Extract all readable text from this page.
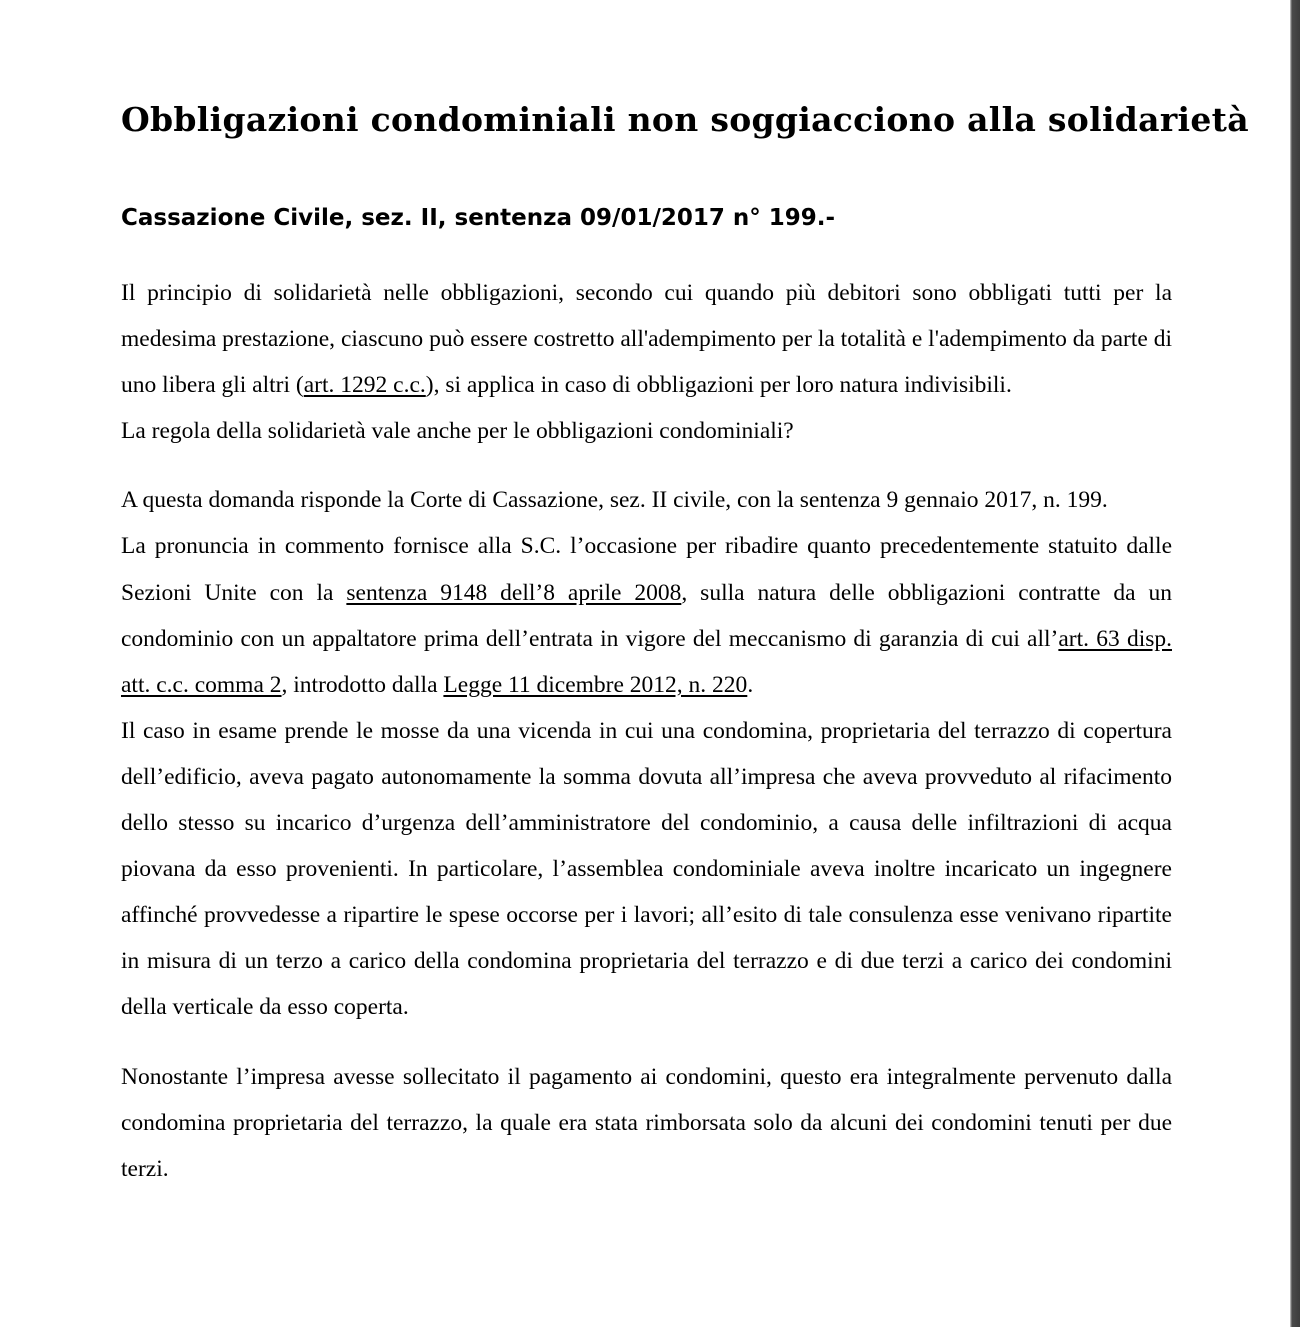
Obbligazioni condominiali non soggiacciono alla solidarietà
Cassazione Civile, sez. II, sentenza 09/01/2017 n° 199.-

Il principio di solidarietà nelle obbligazioni, secondo cui quando più debitori sono obbligati tutti per la medesima prestazione, ciascuno può essere costretto all'adempimento per la totalità e l'adempimento da parte di uno libera gli altri (art. 1292 c.c.), si applica in caso di obbligazioni per loro natura indivisibili.

La regola della solidarietà vale anche per le obbligazioni condominiali?

A questa domanda risponde la Corte di Cassazione, sez. II civile, con la sentenza 9 gennaio 2017, n. 199.

La pronuncia in commento fornisce alla S.C. l’occasione per ribadire quanto precedentemente statuito dalle Sezioni Unite con la sentenza 9148 dell’8 aprile 2008, sulla natura delle obbligazioni contratte da un condominio con un appaltatore prima dell’entrata in vigore del meccanismo di garanzia di cui all’art. 63 disp. att. c.c. comma 2, introdotto dalla Legge 11 dicembre 2012, n. 220.

Il caso in esame prende le mosse da una vicenda in cui una condomina, proprietaria del terrazzo di copertura dell’edificio, aveva pagato autonomamente la somma dovuta all’impresa che aveva provveduto al rifacimento dello stesso su incarico d’urgenza dell’amministratore del condominio, a causa delle infiltrazioni di acqua piovana da esso provenienti. In particolare, l’assemblea condominiale aveva inoltre incaricato un ingegnere affinché provvedesse a ripartire le spese occorse per i lavori; all’esito di tale consulenza esse venivano ripartite in misura di un terzo a carico della condomina proprietaria del terrazzo e di due terzi a carico dei condomini della verticale da esso coperta.

Nonostante l’impresa avesse sollecitato il pagamento ai condomini, questo era integralmente pervenuto dalla condomina proprietaria del terrazzo, la quale era stata rimborsata solo da alcuni dei condomini tenuti per due terzi.
